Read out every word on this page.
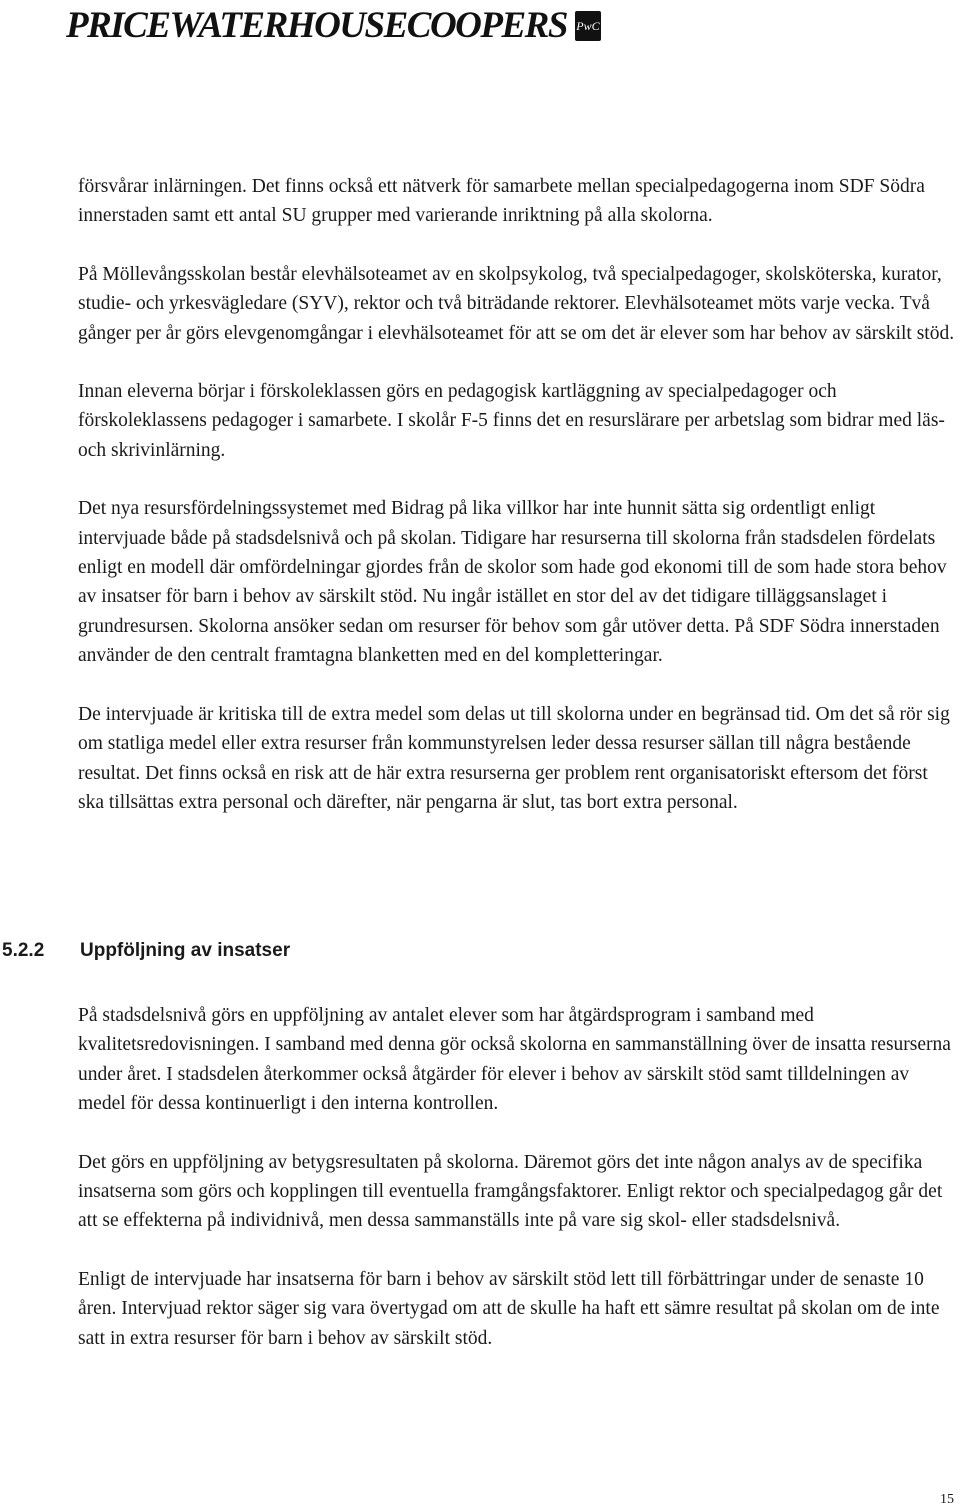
PRICEWATERHOUSECOOPERS PwC

försvårar inlärningen. Det finns också ett nätverk för samarbete mellan specialpedagogerna inom SDF Södra innerstaden samt ett antal SU grupper med varierande inriktning på alla skolorna.

På Möllevångsskolan består elevhälsoteamet av en skolpsykolog, två specialpedagoger, skolsköterska, kurator, studie- och yrkesvägledare (SYV), rektor och två biträdande rektorer. Elevhälsoteamet möts varje vecka. Två gånger per år görs elevgenomgångar i elevhälsoteamet för att se om det är elever som har behov av särskilt stöd.

Innan eleverna börjar i förskoleklassen görs en pedagogisk kartläggning av specialpedagoger och förskoleklassens pedagoger i samarbete. I skolår F-5 finns det en resurslärare per arbetslag som bidrar med läs- och skrivinlärning.

Det nya resursfördelningssystemet med Bidrag på lika villkor har inte hunnit sätta sig ordentligt enligt intervjuade både på stadsdelsnivå och på skolan. Tidigare har resurserna till skolorna från stadsdelen fördelats enligt en modell där omfördelningar gjordes från de skolor som hade god ekonomi till de som hade stora behov av insatser för barn i behov av särskilt stöd. Nu ingår istället en stor del av det tidigare tilläggsanslaget i grundresursen. Skolorna ansöker sedan om resurser för behov som går utöver detta. På SDF Södra innerstaden använder de den centralt framtagna blanketten med en del kompletteringar.

De intervjuade är kritiska till de extra medel som delas ut till skolorna under en begränsad tid. Om det så rör sig om statliga medel eller extra resurser från kommunstyrelsen leder dessa resurser sällan till några bestående resultat. Det finns också en risk att de här extra resurserna ger problem rent organisatoriskt eftersom det först ska tillsättas extra personal och därefter, när pengarna är slut, tas bort extra personal.

5.2.2	Uppföljning av insatser

På stadsdelsnivå görs en uppföljning av antalet elever som har åtgärdsprogram i samband med kvalitetsredovisningen. I samband med denna gör också skolorna en sammanställning över de insatta resurserna under året. I stadsdelen återkommer också åtgärder för elever i behov av särskilt stöd samt tilldelningen av medel för dessa kontinuerligt i den interna kontrollen.

Det görs en uppföljning av betygsresultaten på skolorna. Däremot görs det inte någon analys av de specifika insatserna som görs och kopplingen till eventuella framgångsfaktorer. Enligt rektor och specialpedagog går det att se effekterna på individnivå, men dessa sammanställs inte på vare sig skol- eller stadsdelsnivå.

Enligt de intervjuade har insatserna för barn i behov av särskilt stöd lett till förbättringar under de senaste 10 åren. Intervjuad rektor säger sig vara övertygad om att de skulle ha haft ett sämre resultat på skolan om de inte satt in extra resurser för barn i behov av särskilt stöd.

15
